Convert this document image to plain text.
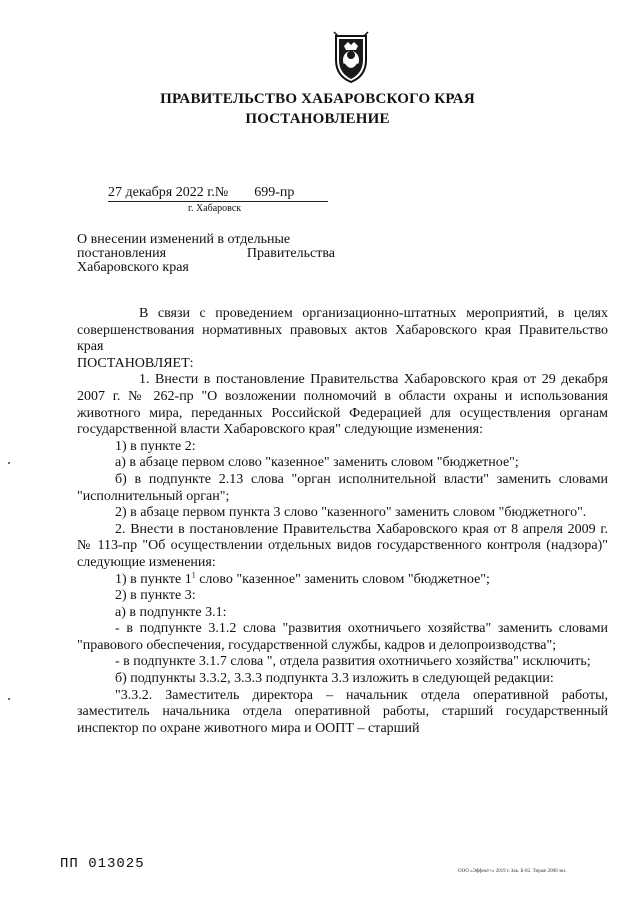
ПРАВИТЕЛЬСТВО ХАБАРОВСКОГО КРАЯ
ПОСТАНОВЛЕНИЕ
27 декабря 2022 г.№ 699-пр
г. Хабаровск
О внесении изменений в отдельные
постановления	Правительства
Хабаровского края

В связи с проведением организационно-штатных мероприятий, в целях совершенствования нормативных правовых актов Хабаровского края Правительство края

ПОСТАНОВЛЯЕТ:

1. Внести в постановление Правительства Хабаровского края от 29 декабря 2007 г. № 262-пр "О возложении полномочий в области охраны и использования животного мира, переданных Российской Федерацией для осуществления органам государственной власти Хабаровского края" следующие изменения:

1) в пункте 2:

а) в абзаце первом слово "казенное" заменить словом "бюджетное";

б) в подпункте 2.13 слова "орган исполнительной власти" заменить словами "исполнительный орган";

2) в абзаце первом пункта 3 слово "казенного" заменить словом "бюджетного".

2. Внести в постановление Правительства Хабаровского края от 8 апреля 2009 г. № 113-пр "Об осуществлении отдельных видов государственного контроля (надзора)" следующие изменения:

1) в пункте $1^1$ слово "казенное" заменить словом "бюджетное";

2) в пункте 3:

а) в подпункте 3.1:

- в подпункте 3.1.2 слова "развития охотничьего хозяйства" заменить словами "правового обеспечения, государственной службы, кадров и делопроизводства";

- в подпункте 3.1.7 слова ", отдела развития охотничьего хозяйства" исключить;

б) подпункты 3.3.2, 3.3.3 подпункта 3.3 изложить в следующей редакции:

"3.3.2. Заместитель директора – начальник отдела оперативной работы, заместитель начальника отдела оперативной работы, старший государственный инспектор по охране животного мира и ООПТ – старший

ПП 013025	ООО «Эффект+» 2019 г. Зак. Б-82. Тираж 2000 экз.
